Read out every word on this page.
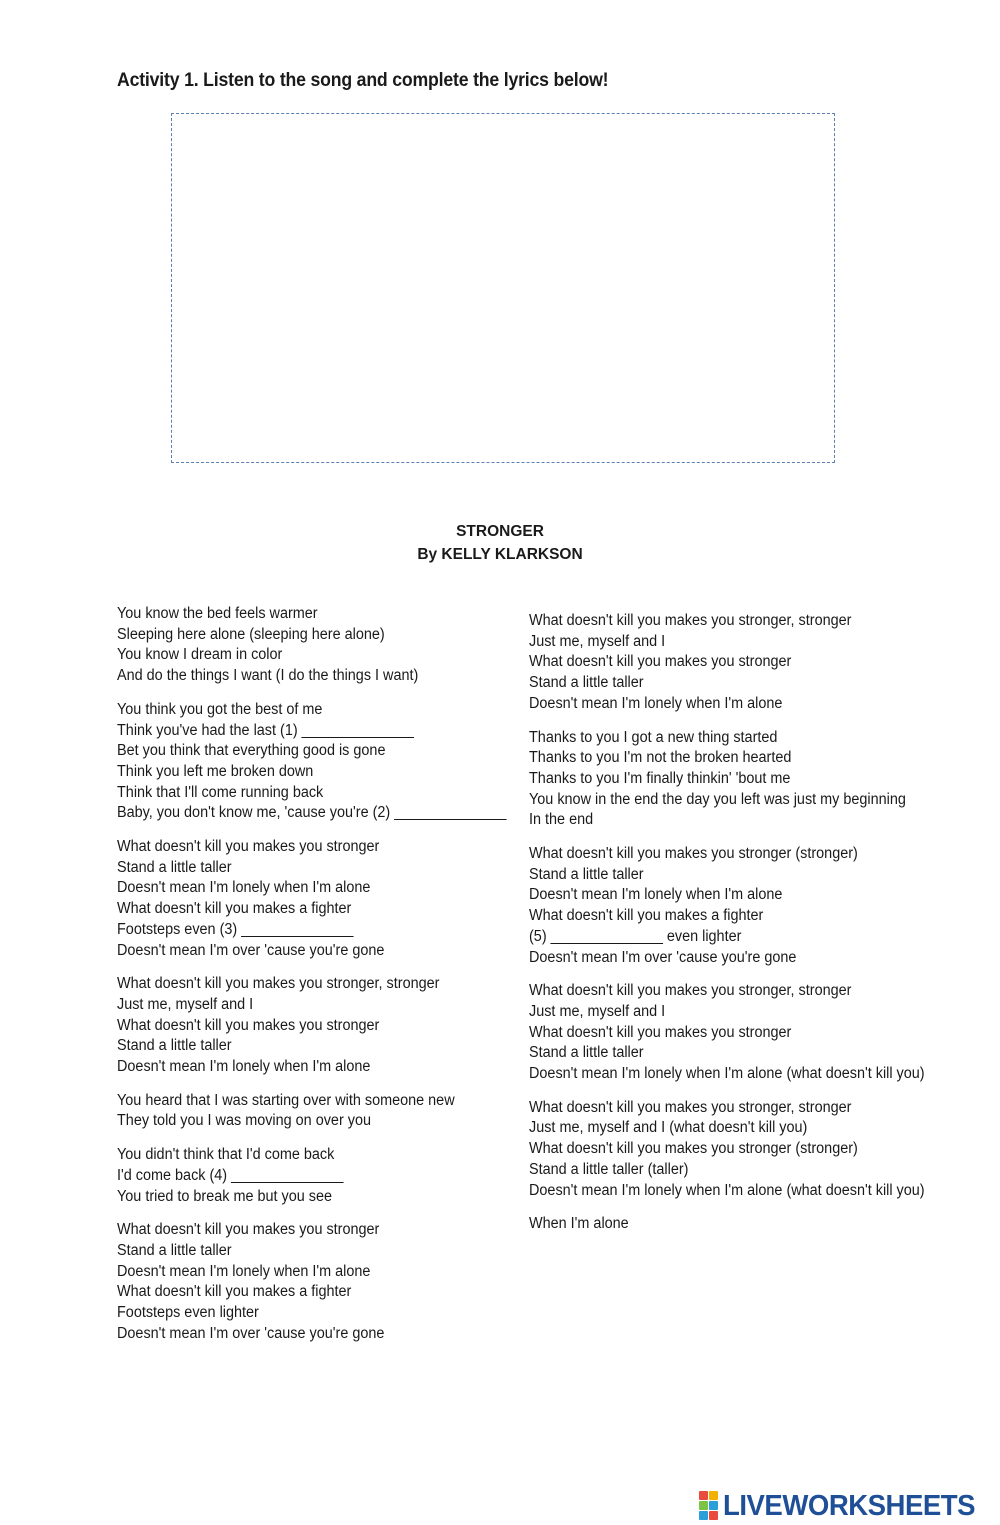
Activity 1. Listen to the song and complete the lyrics below!
STRONGER
By KELLY KLARKSON
You know the bed feels warmer
Sleeping here alone (sleeping here alone)
You know I dream in color
And do the things I want (I do the things I want)
You think you got the best of me
Think you've had the last (1) ______________
Bet you think that everything good is gone
Think you left me broken down
Think that I'll come running back
Baby, you don't know me, 'cause you're (2) ______________
What doesn't kill you makes you stronger
Stand a little taller
Doesn't mean I'm lonely when I'm alone
What doesn't kill you makes a fighter
Footsteps even (3) ______________
Doesn't mean I'm over 'cause you're gone
What doesn't kill you makes you stronger, stronger
Just me, myself and I
What doesn't kill you makes you stronger
Stand a little taller
Doesn't mean I'm lonely when I'm alone
You heard that I was starting over with someone new
They told you I was moving on over you
You didn't think that I'd come back
I'd come back (4) ______________
You tried to break me but you see
What doesn't kill you makes you stronger
Stand a little taller
Doesn't mean I'm lonely when I'm alone
What doesn't kill you makes a fighter
Footsteps even lighter
Doesn't mean I'm over 'cause you're gone
What doesn't kill you makes you stronger, stronger
Just me, myself and I
What doesn't kill you makes you stronger
Stand a little taller
Doesn't mean I'm lonely when I'm alone
Thanks to you I got a new thing started
Thanks to you I'm not the broken hearted
Thanks to you I'm finally thinkin' 'bout me
You know in the end the day you left was just my beginning
In the end
What doesn't kill you makes you stronger (stronger)
Stand a little taller
Doesn't mean I'm lonely when I'm alone
What doesn't kill you makes a fighter
(5) ______________ even lighter
Doesn't mean I'm over 'cause you're gone
What doesn't kill you makes you stronger, stronger
Just me, myself and I
What doesn't kill you makes you stronger
Stand a little taller
Doesn't mean I'm lonely when I'm alone (what doesn't kill you)
What doesn't kill you makes you stronger, stronger
Just me, myself and I (what doesn't kill you)
What doesn't kill you makes you stronger (stronger)
Stand a little taller (taller)
Doesn't mean I'm lonely when I'm alone (what doesn't kill you)
When I'm alone
LIVEWORKSHEETS
